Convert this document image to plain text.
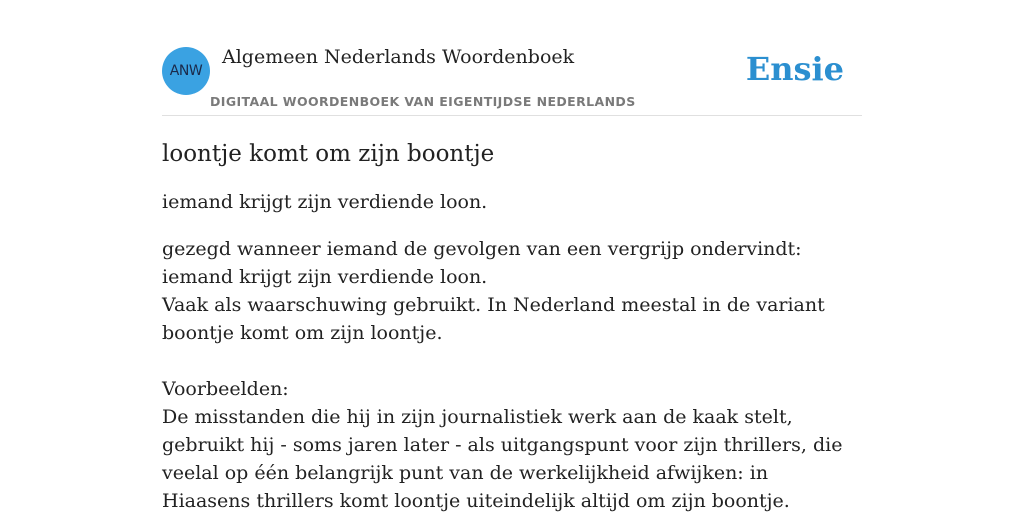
ANW
Algemeen Nederlands Woordenboek
DIGITAAL WOORDENBOEK VAN EIGENTIJDSE NEDERLANDS
Ensie
loontje komt om zijn boontje

iemand krijgt zijn verdiende loon.

gezegd wanneer iemand de gevolgen van een vergrijp ondervindt: iemand krijgt zijn verdiende loon.

Vaak als waarschuwing gebruikt. In Nederland meestal in de variant boontje komt om zijn loontje.

Voorbeelden:

De misstanden die hij in zijn journalistiek werk aan de kaak stelt, gebruikt hij - soms jaren later - als uitgangspunt voor zijn thrillers, die veelal op één belangrijk punt van de werkelijkheid afwijken: in Hiaasens thrillers komt loontje uiteindelijk altijd om zijn boontje.
